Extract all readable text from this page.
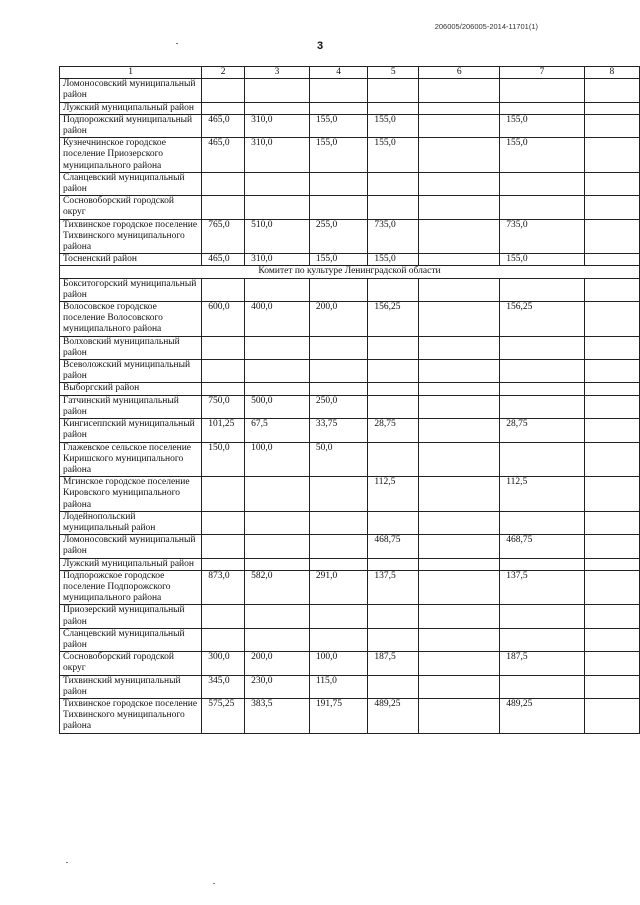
206005/206005-2014-11701(1)
3
1	2	3	4	5	6	7	8
Ломоносовский муниципальный район							
Лужский муниципальный район							
Подпорожский муниципальный район	465,0	310,0	155,0	155,0		155,0	
Кузнечнинское городское поселение Приозерского муниципального района	465,0	310,0	155,0	155,0		155,0	
Сланцевский муниципальный район							
Сосновоборский городской округ							
Тихвинское городское поселение Тихвинского муниципального района	765,0	510,0	255,0	735,0		735,0	
Тосненский район	465,0	310,0	155,0	155,0		155,0	
Комитет по культуре Ленинградской области							
Бокситогорский муниципальный район							
Волосовское городское поселение Волосовского муниципального района	600,0	400,0	200,0	156,25		156,25	
Волховский муниципальный район							
Всеволожский муниципальный район							
Выборгский район							
Гатчинский муниципальный район	750,0	500,0	250,0				
Кингисеппский муниципальный район	101,25	67,5	33,75	28,75		28,75	
Глажевское сельское поселение Киришского муниципального района	150,0	100,0	50,0				
Мгинское городское поселение Кировского муниципального района				112,5		112,5	
Лодейнопольский муниципальный район							
Ломоносовский муниципальный район				468,75		468,75	
Лужский муниципальный район							
Подпорожское городское поселение Подпорожского муниципального района	873,0	582,0	291,0	137,5		137,5	
Приозерский муниципальный район							
Сланцевский муниципальный район							
Сосновоборский городской округ	300,0	200,0	100,0	187,5		187,5	
Тихвинский муниципальный район	345,0	230,0	115,0				
Тихвинское городское поселение Тихвинского муниципального района	575,25	383,5	191,75	489,25		489,25	
